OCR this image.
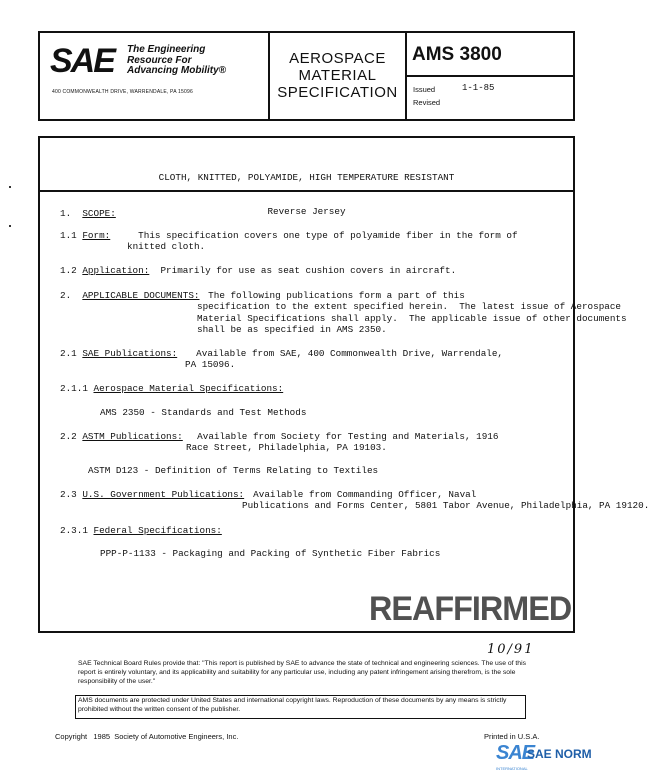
SAE The Engineering
Resource For
Advancing Mobility®
400 COMMONWEALTH DRIVE, WARRENDALE, PA 15096
AEROSPACE
MATERIAL
SPECIFICATION
AMS 3800
Issued	1-1-85
Revised

CLOTH, KNITTED, POLYAMIDE, HIGH TEMPERATURE RESISTANT

Reverse Jersey

1. SCOPE:
1.1 Form:	This specification covers one type of polyamide fiber in the form of
knitted cloth.
1.2 Application:  Primarily for use as seat cushion covers in aircraft.
2. APPLICABLE DOCUMENTS: The following publications form a part of this
specification to the extent specified herein.  The latest issue of Aerospace
Material Specifications shall apply.  The applicable issue of other documents
shall be as specified in AMS 2350.
2.1 SAE Publications:	Available from SAE, 400 Commonwealth Drive, Warrendale,
PA 15096.
2.1.1 Aerospace Material Specifications:
AMS 2350 - Standards and Test Methods
2.2 ASTM Publications:	Available from Society for Testing and Materials, 1916
Race Street, Philadelphia, PA 19103.
ASTM D123 - Definition of Terms Relating to Textiles
2.3 U.S. Government Publications: Available from Commanding Officer, Naval
Publications and Forms Center, 5801 Tabor Avenue, Philadelphia, PA 19120.
2.3.1 Federal Specifications:
PPP-P-1133 - Packaging and Packing of Synthetic Fiber Fabrics
REAFFIRMED
10/91
SAE Technical Board Rules provide that: "This report is published by SAE to advance the state of technical and engineering sciences. The use of this report is entirely voluntary, and its applicability and suitability for any particular use, including any patent infringement arising therefrom, is the sole responsibility of the user."
AMS documents are protected under United States and international copyright laws. Reproduction of these documents by any means is strictly prohibited without the written consent of the publisher.
Copyright   1985  Society of Automotive Engineers, Inc.	Printed in U.S.A.
SAE
SAE NORM
INTERNATIONAL
